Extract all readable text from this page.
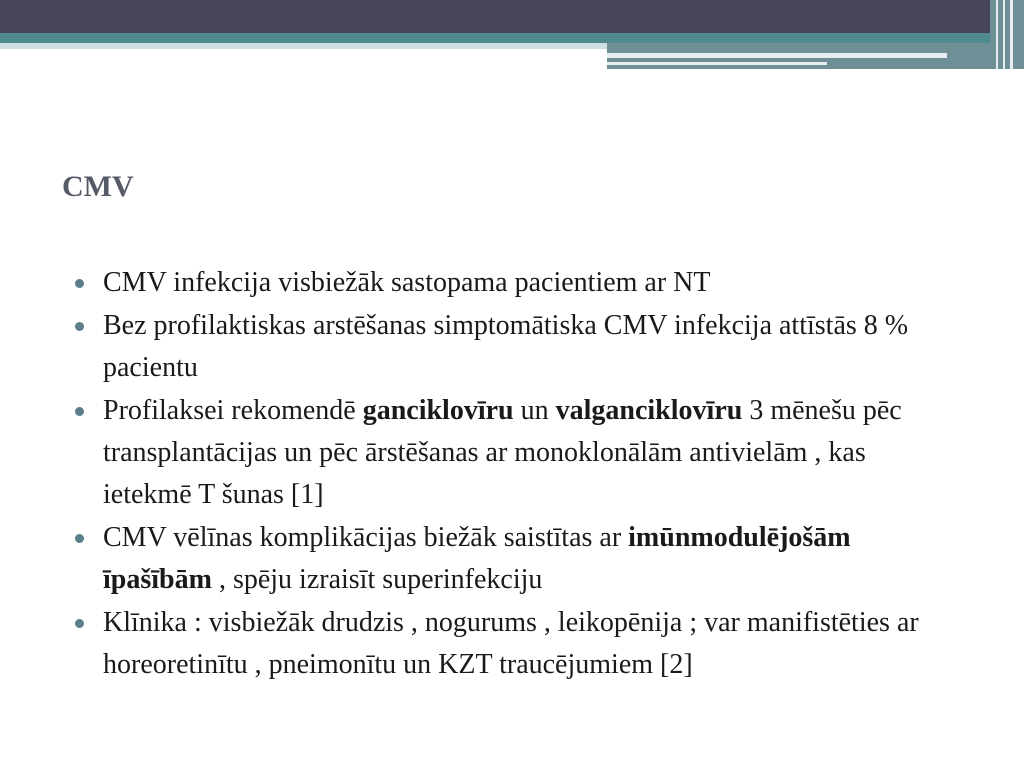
CMV
CMV infekcija visbiežāk sastopama pacientiem ar NT
Bez profilaktiskas arstēšanas simptomātiska CMV infekcija attīstās 8 % pacientu
Profilaksei rekomendē ganciklovīru un valganciklovīru 3 mēnešu pēc transplantācijas un pēc ārstēšanas ar monoklonālām antivielām , kas ietekmē T šunas [1]
CMV vēlīnas komplikācijas biežāk saistītas ar imūnmodulējošām īpašībām , spēju izraisīt superinfekciju
Klīnika : visbiežāk drudzis , nogurums , leikopēnija ; var manifistēties ar horeoretinītu , pneimonītu un KZT traucējumiem [2]
